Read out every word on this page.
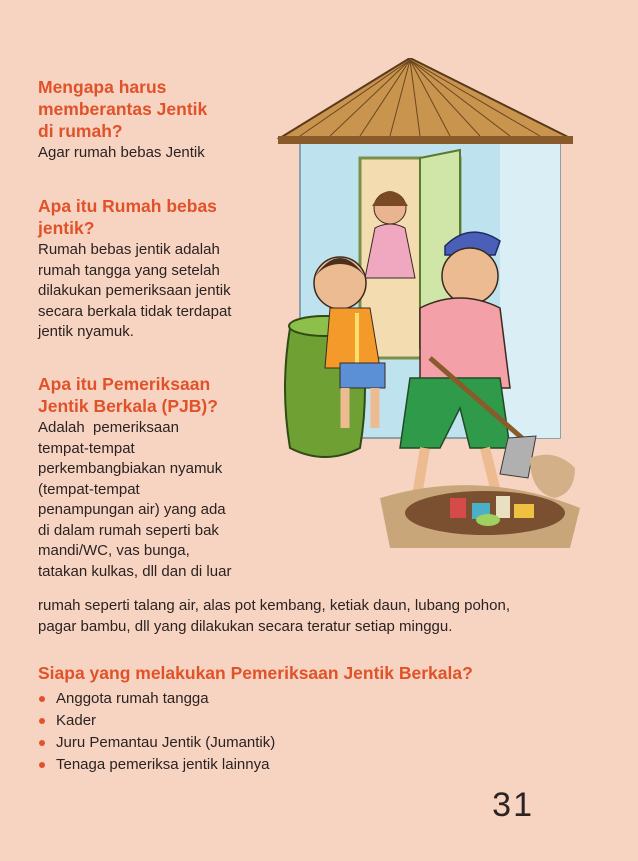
Mengapa harus
memberantas Jentik
di rumah?

Agar rumah bebas Jentik

Apa itu Rumah bebas
jentik?

Rumah bebas jentik adalah
rumah tangga yang setelah
dilakukan pemeriksaan jentik
secara berkala tidak terdapat
jentik nyamuk.

Apa itu Pemeriksaan
Jentik Berkala (PJB)?

Adalah  pemeriksaan
tempat-tempat
perkembangbiakan nyamuk
(tempat-tempat
penampungan air) yang ada
di dalam rumah seperti bak
mandi/WC, vas bunga,
tatakan kulkas, dll dan di luar

rumah seperti talang air, alas pot kembang, ketiak daun, lubang pohon,
pagar bambu, dll yang dilakukan secara teratur setiap minggu.

Siapa yang melakukan Pemeriksaan Jentik Berkala?

Anggota rumah tangga
Kader
Juru Pemantau Jentik (Jumantik)
Tenaga pemeriksa jentik lainnya
31
